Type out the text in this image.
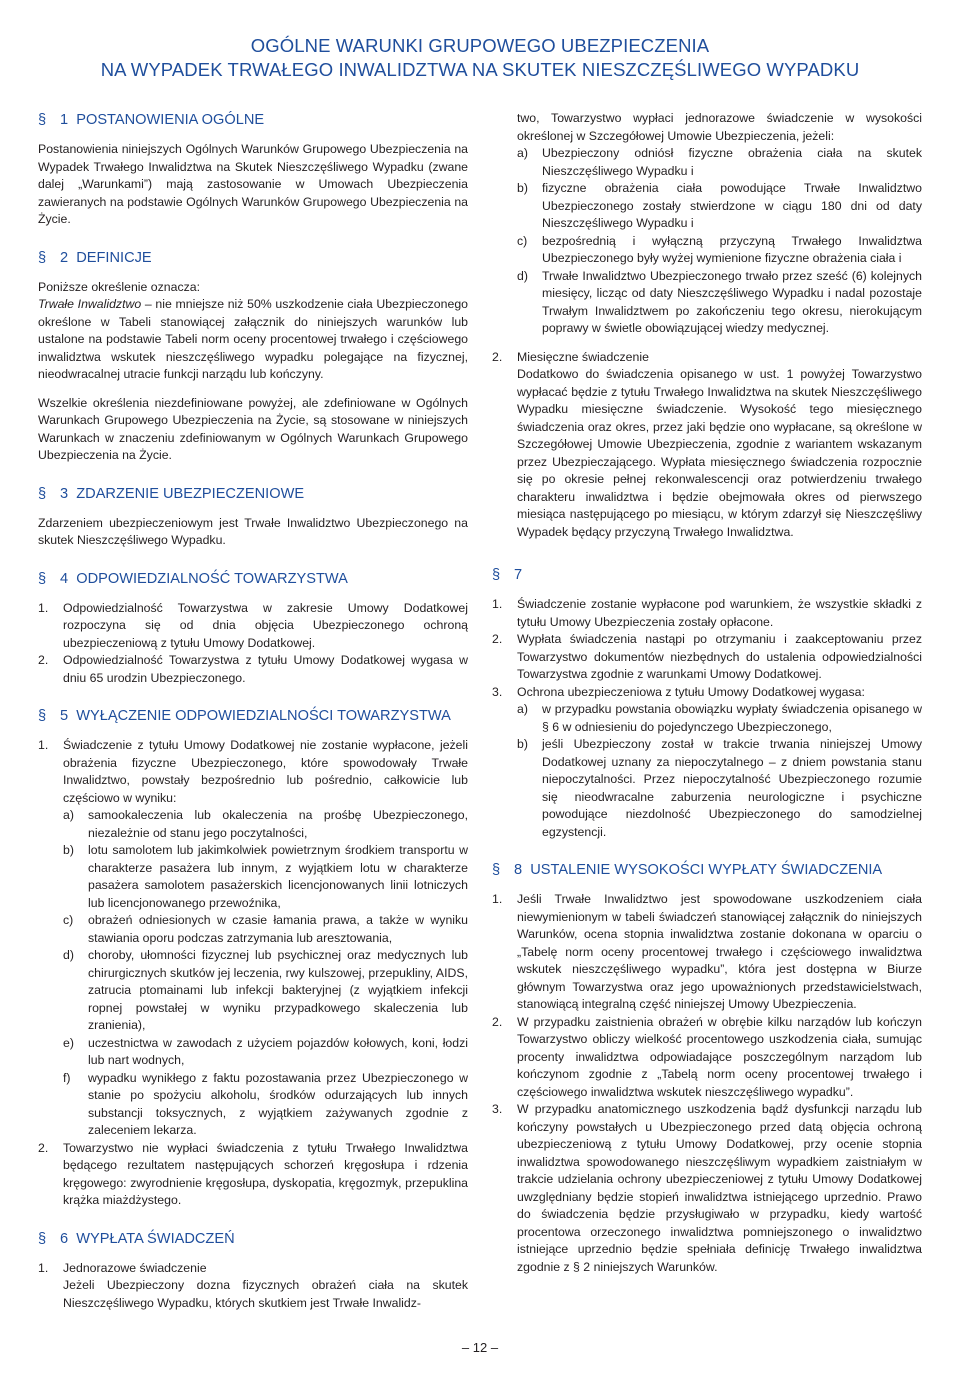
OGÓLNE WARUNKI GRUPOWEGO UBEZPIECZENIA
NA WYPADEK TRWAŁEGO INWALIDZTWA NA SKUTEK NIESZCZĘŚLIWEGO WYPADKU
§ 1 POSTANOWIENIA OGÓLNE

Postanowienia niniejszych Ogólnych Warunków Grupowego Ubezpieczenia na Wypadek Trwałego Inwalidztwa na Skutek Nieszczęśliwego Wypadku (zwane dalej „Warunkami”) mają zastosowanie w Umowach Ubezpieczenia zawieranych na podstawie Ogólnych Warunków Grupowego Ubezpieczenia na Życie.

§ 2 DEFINICJE

Poniższe określenie oznacza:

Trwałe Inwalidztwo – nie mniejsze niż 50% uszkodzenie ciała Ubezpieczonego określone w Tabeli stanowiącej załącznik do niniejszych warunków lub ustalone na podstawie Tabeli norm oceny procentowej trwałego i częściowego inwalidztwa wskutek nieszczęśliwego wypadku polegające na fizycznej, nieodwracalnej utracie funkcji narządu lub kończyny.

Wszelkie określenia niezdefiniowane powyżej, ale zdefiniowane w Ogólnych Warunkach Grupowego Ubezpieczenia na Życie, są stosowane w niniejszych Warunkach w znaczeniu zdefiniowanym w Ogólnych Warunkach Grupowego Ubezpieczenia na Życie.

§ 3 ZDARZENIE UBEZPIECZENIOWE

Zdarzeniem ubezpieczeniowym jest Trwałe Inwalidztwo Ubezpieczonego na skutek Nieszczęśliwego Wypadku.

§ 4 ODPOWIEDZIALNOŚĆ TOWARZYSTWA
1.	Odpowiedzialność Towarzystwa w zakresie Umowy Dodatkowej rozpoczyna się od dnia objęcia Ubezpieczonego ochroną ubezpieczeniową z tytułu Umowy Dodatkowej.
2.	Odpowiedzialność Towarzystwa z tytułu Umowy Dodatkowej wygasa w dniu 65 urodzin Ubezpieczonego.
§ 5 WYŁĄCZENIE ODPOWIEDZIALNOŚCI TOWARZYSTWA
1.	Świadczenie z tytułu Umowy Dodatkowej nie zostanie wypłacone, jeżeli obrażenia fizyczne Ubezpieczonego, które spowodowały Trwałe Inwalidztwo, powstały bezpośrednio lub pośrednio, całkowicie lub częściowo w wyniku:
a)	samookaleczenia lub okaleczenia na prośbę Ubezpieczonego, niezależnie od stanu jego poczytalności,
b)	lotu samolotem lub jakimkolwiek powietrznym środkiem transportu w charakterze pasażera lub innym, z wyjątkiem lotu w charakterze pasażera samolotem pasażerskich licencjonowanych linii lotniczych lub licencjonowanego przewoźnika,
c)	obrażeń odniesionych w czasie łamania prawa, a także w wyniku stawiania oporu podczas zatrzymania lub aresztowania,
d)	choroby, ułomności fizycznej lub psychicznej oraz medycznych lub chirurgicznych skutków jej leczenia, rwy kulszowej, przepukliny, AIDS, zatrucia ptomainami lub infekcji bakteryjnej (z wyjątkiem infekcji ropnej powstałej w wyniku przypadkowego skaleczenia lub zranienia),
e)	uczestnictwa w zawodach z użyciem pojazdów kołowych, koni, łodzi lub nart wodnych,
f)	wypadku wynikłego z faktu pozostawania przez Ubezpieczonego w stanie po spożyciu alkoholu, środków odurzających lub innych substancji toksycznych, z wyjątkiem zażywanych zgodnie z zaleceniem lekarza.
2.	Towarzystwo nie wypłaci świadczenia z tytułu Trwałego Inwalidztwa będącego rezultatem następujących schorzeń kręgosłupa i rdzenia kręgowego: zwyrodnienie kręgosłupa, dyskopatia, kręgozmyk, przepuklina krążka miażdżystego.
§ 6 WYPŁATA ŚWIADCZEŃ
1.	Jednorazowe świadczenie

Jeżeli Ubezpieczony dozna fizycznych obrażeń ciała na skutek Nieszczęśliwego Wypadku, których skutkiem jest Trwałe Inwalidz-

two, Towarzystwo wypłaci jednorazowe świadczenie w wysokości określonej w Szczegółowej Umowie Ubezpieczenia, jeżeli:

a)	Ubezpieczony odniósł fizyczne obrażenia ciała na skutek Nieszczęśliwego Wypadku i
b)	fizyczne obrażenia ciała powodujące Trwałe Inwalidztwo Ubezpieczonego zostały stwierdzone w ciągu 180 dni od daty Nieszczęśliwego Wypadku i
c)	bezpośrednią i wyłączną przyczyną Trwałego Inwalidztwa Ubezpieczonego były wyżej wymienione fizyczne obrażenia ciała i
d)	Trwałe Inwalidztwo Ubezpieczonego trwało przez sześć (6) kolejnych miesięcy, licząc od daty Nieszczęśliwego Wypadku i nadal pozostaje Trwałym Inwalidztwem po zakończeniu tego okresu, nierokującym poprawy w świetle obowiązującej wiedzy medycznej.
2.	Miesięczne świadczenie

Dodatkowo do świadczenia opisanego w ust. 1 powyżej Towarzystwo wypłacać będzie z tytułu Trwałego Inwalidztwa na skutek Nieszczęśliwego Wypadku miesięczne świadczenie. Wysokość tego miesięcznego świadczenia oraz okres, przez jaki będzie ono wypłacane, są określone w Szczegółowej Umowie Ubezpieczenia, zgodnie z wariantem wskazanym przez Ubezpieczającego. Wypłata miesięcznego świadczenia rozpocznie się po okresie pełnej rekonwalescencji oraz potwierdzeniu trwałego charakteru inwalidztwa i będzie obejmowała okres od pierwszego miesiąca następującego po miesiącu, w którym zdarzył się Nieszczęśliwy Wypadek będący przyczyną Trwałego Inwalidztwa.

§ 7
1.	Świadczenie zostanie wypłacone pod warunkiem, że wszystkie składki z tytułu Umowy Ubezpieczenia zostały opłacone.
2.	Wypłata świadczenia nastąpi po otrzymaniu i zaakceptowaniu przez Towarzystwo dokumentów niezbędnych do ustalenia odpowiedzialności Towarzystwa zgodnie z warunkami Umowy Dodatkowej.
3.	Ochrona ubezpieczeniowa z tytułu Umowy Dodatkowej wygasa:
a)	w przypadku powstania obowiązku wypłaty świadczenia opisanego w § 6 w odniesieniu do pojedynczego Ubezpieczonego,
b)	jeśli Ubezpieczony został w trakcie trwania niniejszej Umowy Dodatkowej uznany za niepoczytalnego – z dniem powstania stanu niepoczytalności. Przez niepoczytalność Ubezpieczonego rozumie się nieodwracalne zaburzenia neurologiczne i psychiczne powodujące niezdolność Ubezpieczonego do samodzielnej egzystencji.
§ 8 USTALENIE WYSOKOŚCI WYPŁATY ŚWIADCZENIA
1.	Jeśli Trwałe Inwalidztwo jest spowodowane uszkodzeniem ciała niewymienionym w tabeli świadczeń stanowiącej załącznik do niniejszych Warunków, ocena stopnia inwalidztwa zostanie dokonana w oparciu o „Tabelę norm oceny procentowej trwałego i częściowego inwalidztwa wskutek nieszczęśliwego wypadku”, która jest dostępna w Biurze głównym Towarzystwa oraz jego upoważnionych przedstawicielstwach, stanowiącą integralną część niniejszej Umowy Ubezpieczenia.
2.	W przypadku zaistnienia obrażeń w obrębie kilku narządów lub kończyn Towarzystwo obliczy wielkość procentowego uszkodzenia ciała, sumując procenty inwalidztwa odpowiadające poszczególnym narządom lub kończynom zgodnie z „Tabelą norm oceny procentowej trwałego i częściowego inwalidztwa wskutek nieszczęśliwego wypadku”.
3.	W przypadku anatomicznego uszkodzenia bądź dysfunkcji narządu lub kończyny powstałych u Ubezpieczonego przed datą objęcia ochroną ubezpieczeniową z tytułu Umowy Dodatkowej, przy ocenie stopnia inwalidztwa spowodowanego nieszczęśliwym wypadkiem zaistniałym w trakcie udzielania ochrony ubezpieczeniowej z tytułu Umowy Dodatkowej uwzględniany będzie stopień inwalidztwa istniejącego uprzednio. Prawo do świadczenia będzie przysługiwało w przypadku, kiedy wartość procentowa orzeczonego inwalidztwa pomniejszonego o inwalidztwo istniejące uprzednio będzie spełniała definicję Trwałego inwalidztwa zgodnie z § 2 niniejszych Warunków.
– 12 –
